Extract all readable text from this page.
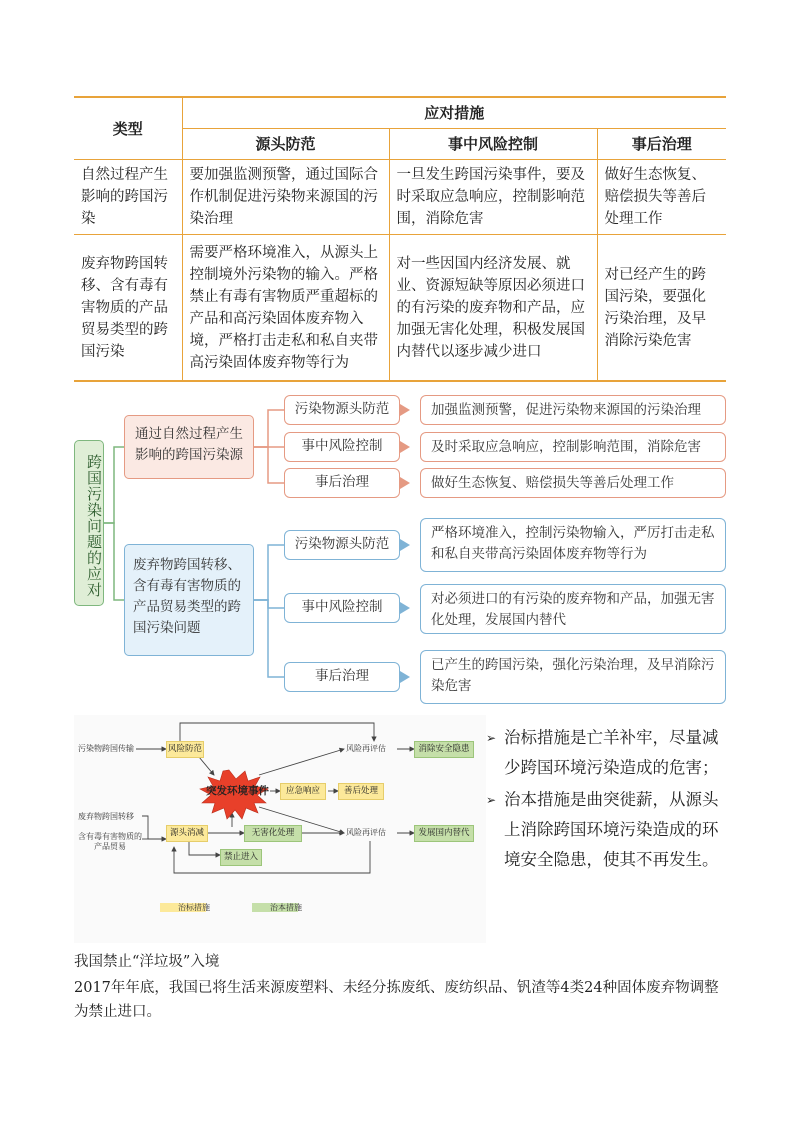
类型	应对措施		
	源头防范	事中风险控制	事后治理
自然过程产生影响的跨国污染	要加强监测预警，通过国际合作机制促进污染物来源国的污染治理	一旦发生跨国污染事件，要及时采取应急响应，控制影响范围，消除危害	做好生态恢复、赔偿损失等善后处理工作
废弃物跨国转移、含有毒有害物质的产品贸易类型的跨国污染	需要严格环境准入，从源头上控制境外污染物的输入。严格禁止有毒有害物质严重超标的产品和高污染固体废弃物入境，严格打击走私和私自夹带高污染固体废弃物等行为	对一些因国内经济发展、就业、资源短缺等原因必须进口的有污染的废弃物和产品，应加强无害化处理，积极发展国内替代以逐步减少进口	对已经产生的跨国污染，要强化污染治理，及早消除污染危害
跨国污染问题的应对
通过自然过程产生影响的跨国污染源
废弃物跨国转移、含有毒有害物质的产品贸易类型的跨国污染问题
污染物源头防范
事中风险控制
事后治理
加强监测预警，促进污染物来源国的污染治理
及时采取应急响应，控制影响范围，消除危害
做好生态恢复、赔偿损失等善后处理工作
污染物源头防范
事中风险控制
事后治理
严格环境准入，控制污染物输入，严厉打击走私和私自夹带高污染固体废弃物等行为
对必须进口的有污染的废弃物和产品，加强无害化处理，发展国内替代
已产生的跨国污染，强化污染治理，及早消除污染危害
污染物跨国传输	风险防范	风险再评估	消除安全隐患
突发环境事件	应急响应	善后处理
废弃物跨国转移
含有毒有害物质的产品贸易
源头消减	无害化处理	风险再评估	发展国内替代
禁止进入
治标措施	治本措施
➢ 治标措施是亡羊补牢，尽量减少跨国环境污染造成的危害；
➢ 治本措施是曲突徙薪，从源头上消除跨国环境污染造成的环境安全隐患，使其不再发生。
我国禁止“洋垃圾”入境
2017年年底，我国已将生活来源废塑料、未经分拣废纸、废纺织品、钒渣等4类24种固体废弃物调整为禁止进口。
